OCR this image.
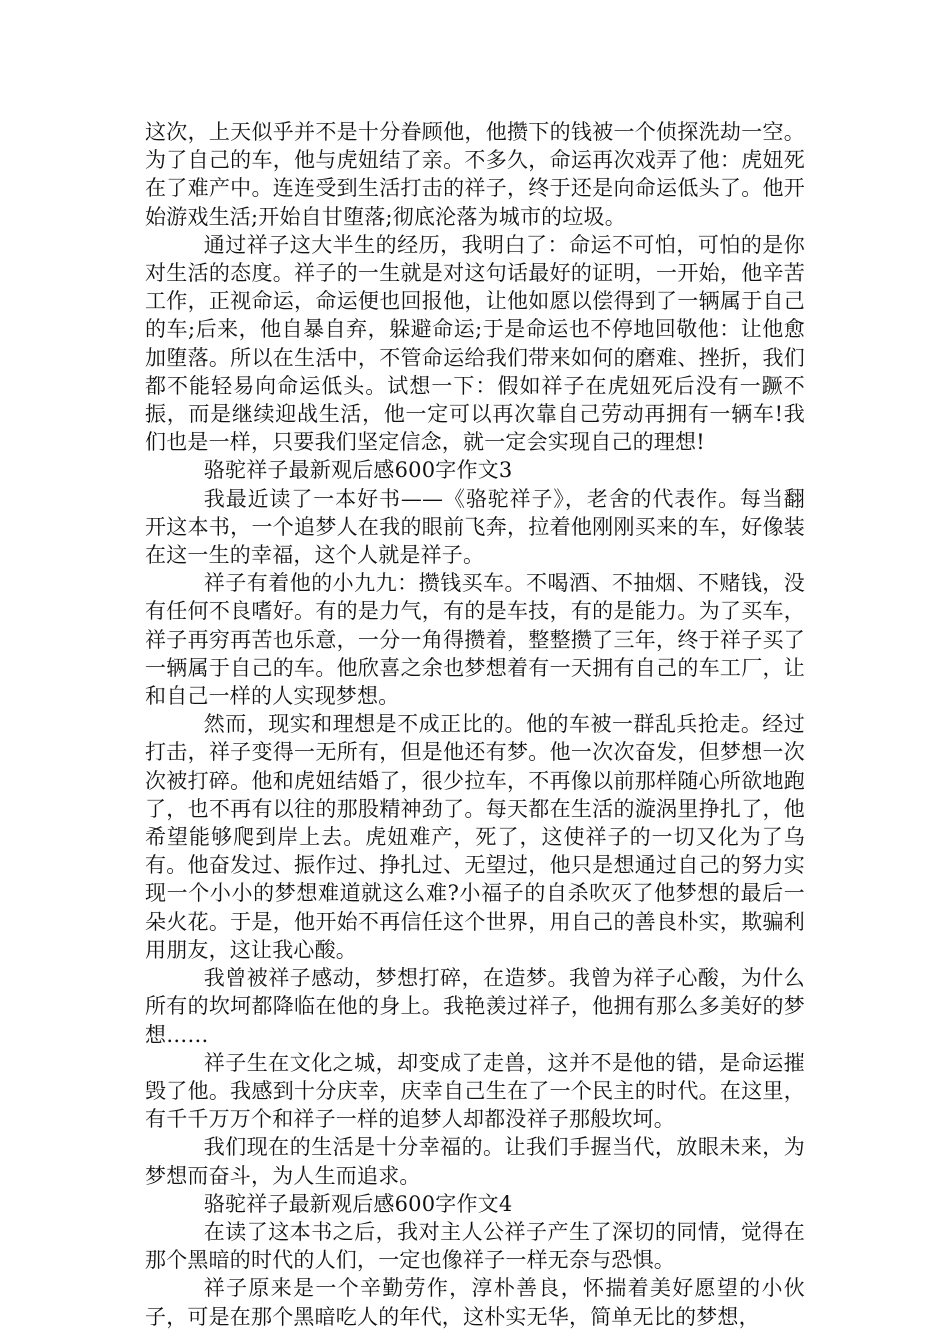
这次，上天似乎并不是十分眷顾他，他攒下的钱被一个侦探洗劫一空。为了自己的车，他与虎妞结了亲。不多久，命运再次戏弄了他：虎妞死在了难产中。连连受到生活打击的祥子，终于还是向命运低头了。他开始游戏生活;开始自甘堕落;彻底沦落为城市的垃圾。

通过祥子这大半生的经历，我明白了：命运不可怕，可怕的是你对生活的态度。祥子的一生就是对这句话最好的证明，一开始，他辛苦工作，正视命运，命运便也回报他，让他如愿以偿得到了一辆属于自己的车;后来，他自暴自弃，躲避命运;于是命运也不停地回敬他：让他愈加堕落。所以在生活中，不管命运给我们带来如何的磨难、挫折，我们都不能轻易向命运低头。试想一下：假如祥子在虎妞死后没有一蹶不振，而是继续迎战生活，他一定可以再次靠自己劳动再拥有一辆车!我们也是一样，只要我们坚定信念，就一定会实现自己的理想!

骆驼祥子最新观后感600字作文3

我最近读了一本好书——《骆驼祥子》，老舍的代表作。每当翻开这本书，一个追梦人在我的眼前飞奔，拉着他刚刚买来的车，好像装在这一生的幸福，这个人就是祥子。

祥子有着他的小九九：攒钱买车。不喝酒、不抽烟、不赌钱，没有任何不良嗜好。有的是力气，有的是车技，有的是能力。为了买车，祥子再穷再苦也乐意，一分一角得攒着，整整攒了三年，终于祥子买了一辆属于自己的车。他欣喜之余也梦想着有一天拥有自己的车工厂，让和自己一样的人实现梦想。

然而，现实和理想是不成正比的。他的车被一群乱兵抢走。经过打击，祥子变得一无所有，但是他还有梦。他一次次奋发，但梦想一次次被打碎。他和虎妞结婚了，很少拉车，不再像以前那样随心所欲地跑了，也不再有以往的那股精神劲了。每天都在生活的漩涡里挣扎了，他希望能够爬到岸上去。虎妞难产，死了，这使祥子的一切又化为了乌有。他奋发过、振作过、挣扎过、无望过，他只是想通过自己的努力实现一个小小的梦想难道就这么难?小福子的自杀吹灭了他梦想的最后一朵火花。于是，他开始不再信任这个世界，用自己的善良朴实，欺骗利用朋友，这让我心酸。

我曾被祥子感动，梦想打碎，在造梦。我曾为祥子心酸，为什么所有的坎坷都降临在他的身上。我艳羡过祥子，他拥有那么多美好的梦想……

祥子生在文化之城，却变成了走兽，这并不是他的错，是命运摧毁了他。我感到十分庆幸，庆幸自己生在了一个民主的时代。在这里，有千千万万个和祥子一样的追梦人却都没祥子那般坎坷。

我们现在的生活是十分幸福的。让我们手握当代，放眼未来，为梦想而奋斗，为人生而追求。

骆驼祥子最新观后感600字作文4

在读了这本书之后，我对主人公祥子产生了深切的同情，觉得在那个黑暗的时代的人们，一定也像祥子一样无奈与恐惧。

祥子原来是一个辛勤劳作，淳朴善良，怀揣着美好愿望的小伙子，可是在那个黑暗吃人的年代，这朴实无华，简单无比的梦想，
